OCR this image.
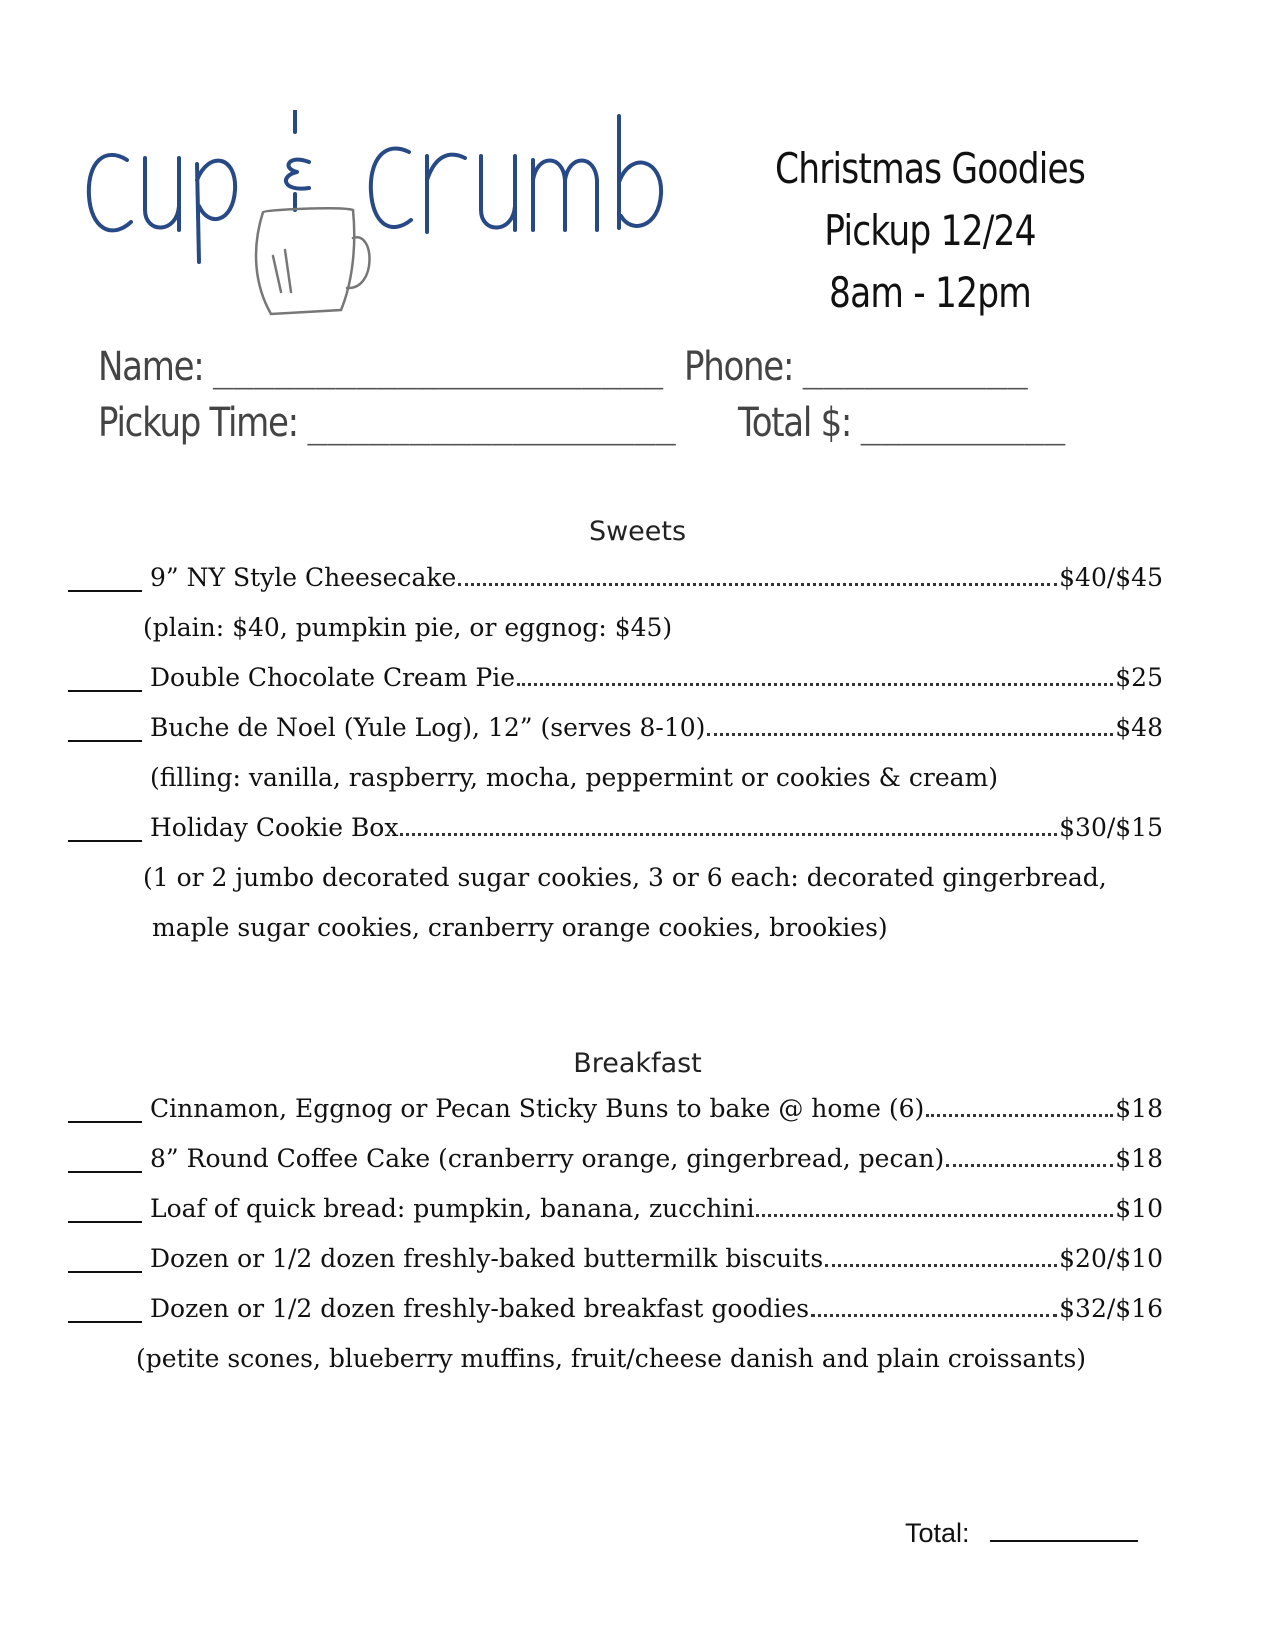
Christmas Goodies
Pickup 12/24
8am - 12pm
Name: ______________________ Phone: ___________
Pickup Time: __________________ Total $: __________
Sweets
9” NY Style Cheesecake	$40/$45
(plain: $40, pumpkin pie, or eggnog: $45)
Double Chocolate Cream Pie	$25
Buche de Noel (Yule Log), 12” (serves 8-10)	$48
(filling: vanilla, raspberry, mocha, peppermint or cookies & cream)
Holiday Cookie Box	$30/$15
(1 or 2 jumbo decorated sugar cookies, 3 or 6 each: decorated gingerbread,
maple sugar cookies, cranberry orange cookies, brookies)
Breakfast
Cinnamon, Eggnog or Pecan Sticky Buns to bake @ home (6)	$18
8” Round Coffee Cake (cranberry orange, gingerbread, pecan)	$18
Loaf of quick bread: pumpkin, banana, zucchini	$10
Dozen or 1/2 dozen freshly-baked buttermilk biscuits	$20/$10
Dozen or 1/2 dozen freshly-baked breakfast goodies	$32/$16
(petite scones, blueberry muffins, fruit/cheese danish and plain croissants)
Total:
